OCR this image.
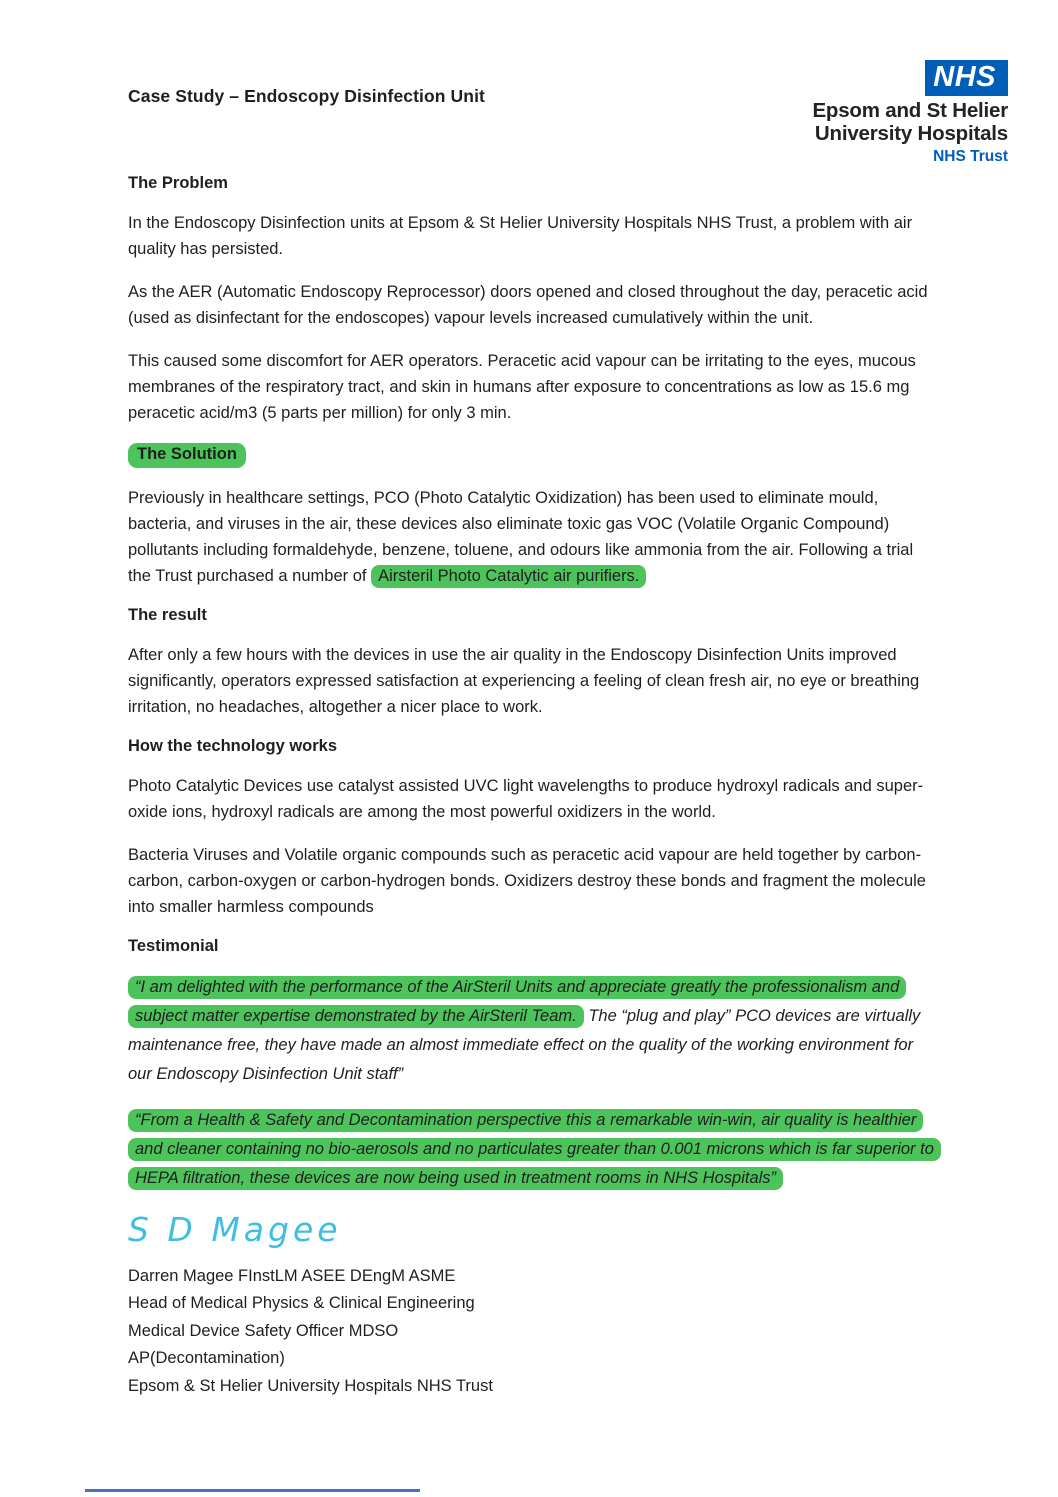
Case Study – Endoscopy Disinfection Unit
NHS
Epsom and St Helier
University Hospitals
NHS Trust
The Problem

In the Endoscopy Disinfection units at Epsom & St Helier University Hospitals NHS Trust, a problem with air quality has persisted.

As the AER (Automatic Endoscopy Reprocessor) doors opened and closed throughout the day, peracetic acid (used as disinfectant for the endoscopes) vapour levels increased cumulatively within the unit.

This caused some discomfort for AER operators. Peracetic acid vapour can be irritating to the eyes, mucous membranes of the respiratory tract, and skin in humans after exposure to concentrations as low as 15.6 mg peracetic acid/m3 (5 parts per million) for only 3 min.

The Solution

Previously in healthcare settings, PCO (Photo Catalytic Oxidization) has been used to eliminate mould, bacteria, and viruses in the air, these devices also eliminate toxic gas VOC (Volatile Organic Compound) pollutants including formaldehyde, benzene, toluene, and odours like ammonia from the air. Following a trial the Trust purchased a number of Airsteril Photo Catalytic air purifiers.

The result

After only a few hours with the devices in use the air quality in the Endoscopy Disinfection Units improved significantly, operators expressed satisfaction at experiencing a feeling of clean fresh air, no eye or breathing irritation, no headaches, altogether a nicer place to work.

How the technology works

Photo Catalytic Devices use catalyst assisted UVC light wavelengths to produce hydroxyl radicals and super-oxide ions, hydroxyl radicals are among the most powerful oxidizers in the world.

Bacteria Viruses and Volatile organic compounds such as peracetic acid vapour are held together by carbon-carbon, carbon-oxygen or carbon-hydrogen bonds. Oxidizers destroy these bonds and fragment the molecule into smaller harmless compounds

Testimonial

“I am delighted with the performance of the AirSteril Units and appreciate greatly the professionalism and subject matter expertise demonstrated by the AirSteril Team. The “plug and play” PCO devices are virtually maintenance free, they have made an almost immediate effect on the quality of the working environment for our Endoscopy Disinfection Unit staff”

“From a Health & Safety and Decontamination perspective this a remarkable win-win, air quality is healthier and cleaner containing no bio-aerosols and no particulates greater than 0.001 microns which is far superior to HEPA filtration, these devices are now being used in treatment rooms in NHS Hospitals”

S D Magee
Darren Magee FInstLM ASEE DEngM ASME
Head of Medical Physics & Clinical Engineering
Medical Device Safety Officer MDSO
AP(Decontamination)
Epsom & St Helier University Hospitals NHS Trust
